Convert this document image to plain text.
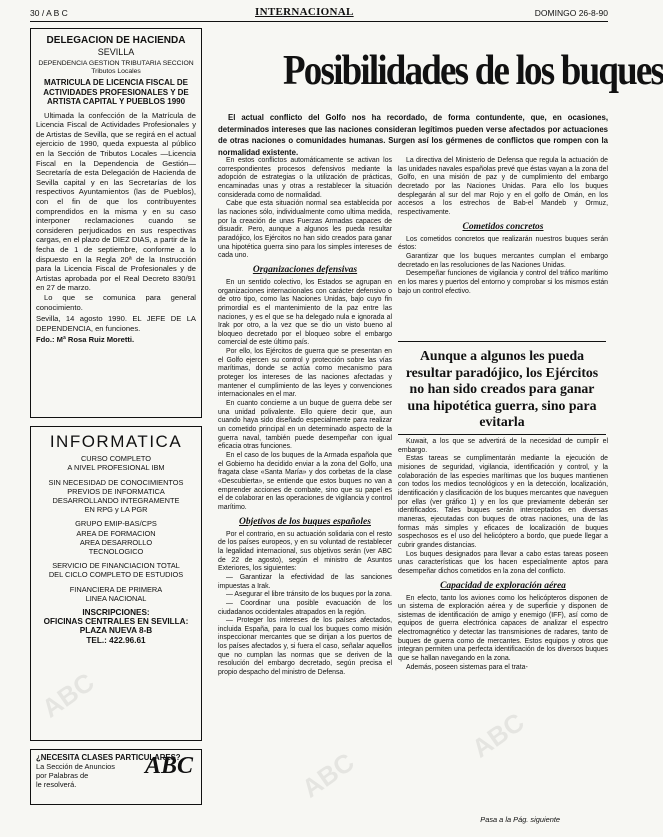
ABC
ABC
ABC
30 / A B C	INTERNACIONAL	DOMINGO 26-8-90
DELEGACION DE HACIENDA
SEVILLA
DEPENDENCIA GESTION TRIBUTARIA SECCION Tributos Locales
MATRICULA DE LICENCIA FISCAL DE ACTIVIDADES PROFESIONALES Y DE ARTISTA CAPITAL Y PUEBLOS 1990

Ultimada la confección de la Matrícula de Licencia Fiscal de Actividades Profesionales y de Artistas de Sevilla, que se regirá en el actual ejercicio de 1990, queda expuesta al público en la Sección de Tributos Locales —Licencia Fiscal en la Dependencia de Gestión— Secretaría de esta Delegación de Hacienda de Sevilla capital y en las Secretarías de los respectivos Ayuntamientos (las de Pueblos), con el fin de que los contribuyentes comprendidos en la misma y en su caso interponer reclamaciones cuando se consideren perjudicados en sus respectivas cargas, en el plazo de DIEZ DIAS, a partir de la fecha de 1 de septiembre, conforme a lo dispuesto en la Regla 20ª de la Instrucción para la Licencia Fiscal de Profesionales y de Artistas aprobada por el Real Decreto 830/91 en 27 de marzo.

Lo que se comunica para general conocimiento.

Sevilla, 14 agosto 1990. EL JEFE DE LA DEPENDENCIA, en funciones.

Fdo.: Mª Rosa Ruiz Moretti.

INFORMATICA
CURSO COMPLETO
A NIVEL PROFESIONAL IBM
SIN NECESIDAD DE CONOCIMIENTOS
PREVIOS DE INFORMATICA
DESARROLLANDO INTEGRAMENTE
EN RPG y LA PGR
GRUPO EMIP-BAS/CPS
AREA DE FORMACION
AREA DESARROLLO
TECNOLOGICO
SERVICIO DE FINANCIACION TOTAL
DEL CICLO COMPLETO DE ESTUDIOS
FINANCIERA DE PRIMERA
LINEA NACIONAL
INSCRIPCIONES:
OFICINAS CENTRALES EN SEVILLA:
PLAZA NUEVA 8-B
TEL.: 422.96.61
¿NECESITA CLASES PARTICULARES?
La Sección de Anuncios
por Palabras de
le resolverá.
ABC
Posibilidades de los buques

El actual conflicto del Golfo nos ha recordado, de forma contundente, que, en ocasiones, determinados intereses que las naciones consideran legítimos pueden verse afectados por actuaciones de otras naciones o comunidades humanas. Surgen así los gérmenes de conflictos que rompen con la normalidad existente.

En estos conflictos automáticamente se activan los correspondientes procesos defensivos mediante la adopción de estrategias o la utilización de prácticas, encaminadas unas y otras a restablecer la situación considerada como de normalidad.

Cabe que esta situación normal sea establecida por las naciones sólo, individualmente como ultima medida, por la creación de unas Fuerzas Armadas capaces de disuadir. Pero, aunque a algunos les pueda resultar paradójico, los Ejércitos no han sido creados para ganar una hipotética guerra sino para los simples intereses de cada uno.

Organizaciones defensivas

En un sentido colectivo, los Estados se agrupan en organizaciones internacionales con carácter defensivo o de otro tipo, como las Naciones Unidas, bajo cuyo fin primordial es el mantenimiento de la paz entre las naciones, y es el que se ha delegado nula e ignorada al Irak por otro, a la vez que se dio un visto bueno al bloqueo decretado por el bloqueo sobre el embargo comercial de este último país.

Por ello, los Ejércitos de guerra que se presentan en el Golfo ejercen su control y protección sobre las vías marítimas, donde se actúa como mecanismo para proteger los intereses de las naciones afectadas y mantener el cumplimiento de las leyes y convenciones internacionales en el mar.

En cuanto concierne a un buque de guerra debe ser una unidad polivalente. Ello quiere decir que, aun cuando haya sido diseñado especialmente para realizar un cometido principal en un determinado aspecto de la guerra naval, también puede desempeñar con igual eficacia otras funciones.

En el caso de los buques de la Armada española que el Gobierno ha decidido enviar a la zona del Golfo, una fragata clase «Santa María» y dos corbetas de la clase «Descubierta», se entiende que estos buques no van a emprender acciones de combate, sino que su papel es el de colaborar en las operaciones de vigilancia y control marítimo.

Objetivos de los buques españoles

Por el contrario, en su actuación solidaria con el resto de los países europeos, y en su voluntad de restablecer la legalidad internacional, sus objetivos serán (ver ABC de 22 de agosto), según el ministro de Asuntos Exteriores, los siguientes:

— Garantizar la efectividad de las sanciones impuestas a Irak.

— Asegurar el libre tránsito de los buques por la zona.

— Coordinar una posible evacuación de los ciudadanos occidentales atrapados en la región.

— Proteger los intereses de los países afectados, incluida España, para lo cual los buques como misión inspeccionar mercantes que se dirijan a los puertos de los países afectados y, si fuera el caso, señalar aquellos que no cumplan las normas que se deriven de la resolución del embargo decretado, según precisa el propio despacho del ministro de Defensa.

La directiva del Ministerio de Defensa que regula la actuación de las unidades navales españolas prevé que éstas vayan a la zona del Golfo, en una misión de paz y de cumplimiento del embargo decretado por las Naciones Unidas. Para ello los buques desplegarán al sur del mar Rojo y en el golfo de Omán, en los accesos a los estrechos de Bab-el Mandeb y Ormuz, respectivamente.

Cometidos concretos

Los cometidos concretos que realizarán nuestros buques serán éstos:

Garantizar que los buques mercantes cumplan el embargo decretado en las resoluciones de las Naciones Unidas.

Desempeñar funciones de vigilancia y control del tráfico marítimo en los mares y puertos del entorno y comprobar si los mismos están bajo un control efectivo.

Aunque a algunos les pueda resultar paradójico, los Ejércitos no han sido creados para ganar una hipotética guerra, sino para evitarla

Kuwait, a los que se advertirá de la necesidad de cumplir el embargo.

Estas tareas se cumplimentarán mediante la ejecución de misiones de seguridad, vigilancia, identificación y control, y la colaboración de las especies marítimas que los buques mantienen con todos los medios tecnológicos y en la detección, localización, identificación y clasificación de los buques mercantes que naveguen por ellas (ver gráfico 1) y en los que previamente deberán ser identificados. Tales buques serán interceptados en diversas maneras, ejecutadas con buques de otras naciones, una de las formas más simples y eficaces de localización de buques sospechosos es el uso del helicóptero a bordo, que puede llegar a cubrir grandes distancias.

Los buques designados para llevar a cabo estas tareas poseen unas características que los hacen especialmente aptos para desempeñar dichos cometidos en la zona del conflicto.

Capacidad de exploración aérea

En efecto, tanto los aviones como los helicópteros disponen de un sistema de exploración aérea y de superficie y disponen de sistemas de identificación de amigo y enemigo (IFF), así como de equipos de guerra electrónica capaces de analizar el espectro electromagnético y detectar las transmisiones de radares, tanto de buques de guerra como de mercantes. Estos equipos y otros que integran permiten una perfecta identificación de los diversos buques que se hallan navegando en la zona.

Además, poseen sistemas para el trata-

Pasa a la Pág. siguiente
